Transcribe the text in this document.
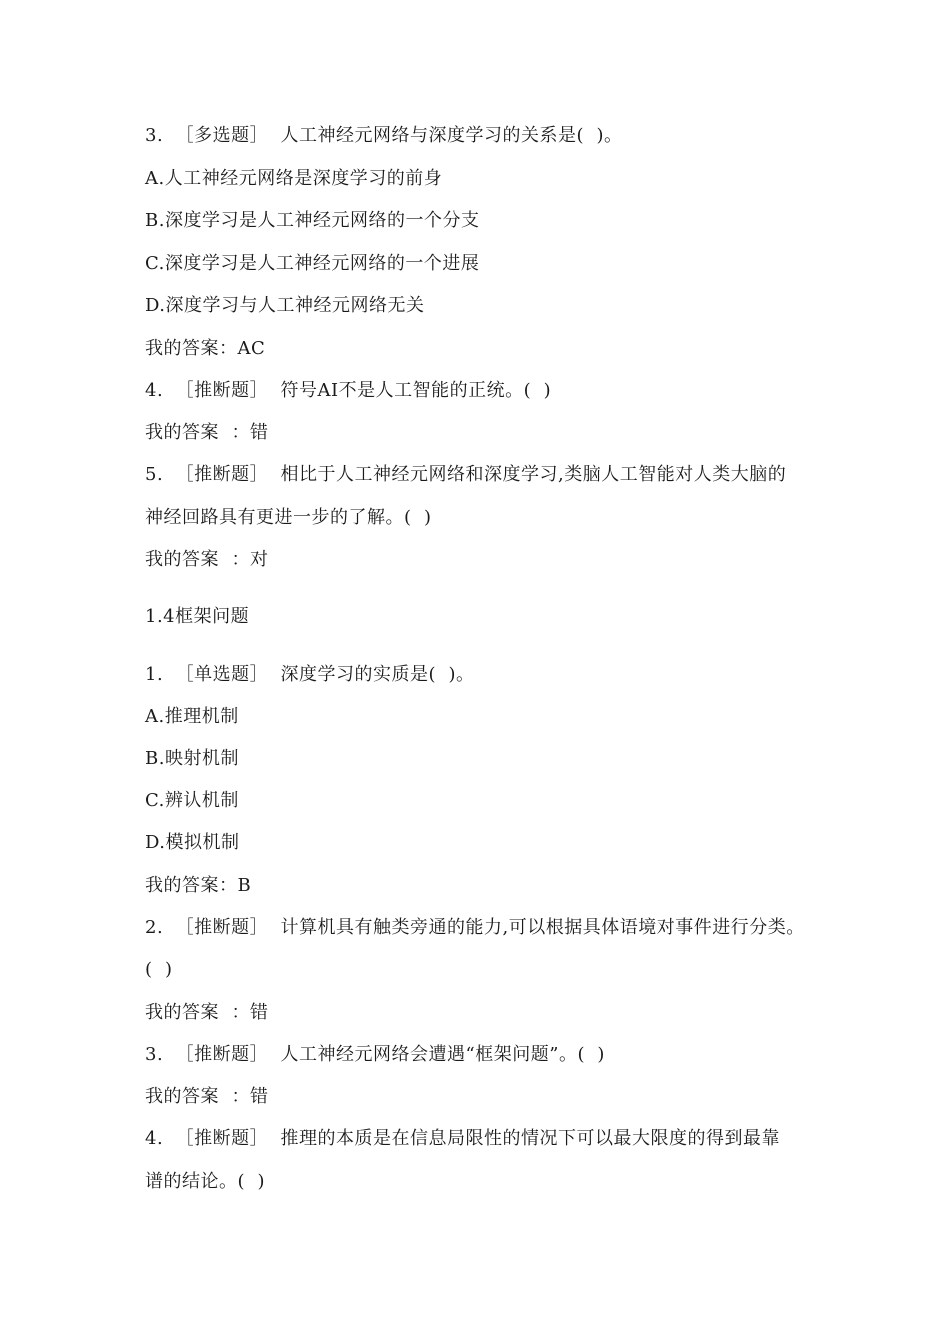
3.  ［多选题］  人工神经元网络与深度学习的关系是(  )。
A.人工神经元网络是深度学习的前身
B.深度学习是人工神经元网络的一个分支
C.深度学习是人工神经元网络的一个进展
D.深度学习与人工神经元网络无关
我的答案：AC
4.  ［推断题］  符号AI不是人工智能的正统。(  )
我的答案  ：错
5.  ［推断题］  相比于人工神经元网络和深度学习,类脑人工智能对人类大脑的
神经回路具有更进一步的了解。(  )
我的答案  ：对
1.4框架问题
1.  ［单选题］  深度学习的实质是(  )。
A.推理机制
B.映射机制
C.辨认机制
D.模拟机制
我的答案：B
2.  ［推断题］  计算机具有触类旁通的能力,可以根据具体语境对事件进行分类。
(  )
我的答案  ：错
3.  ［推断题］  人工神经元网络会遭遇“框架问题”。(  )
我的答案  ：错
4.  ［推断题］  推理的本质是在信息局限性的情况下可以最大限度的得到最靠
谱的结论。(  )
